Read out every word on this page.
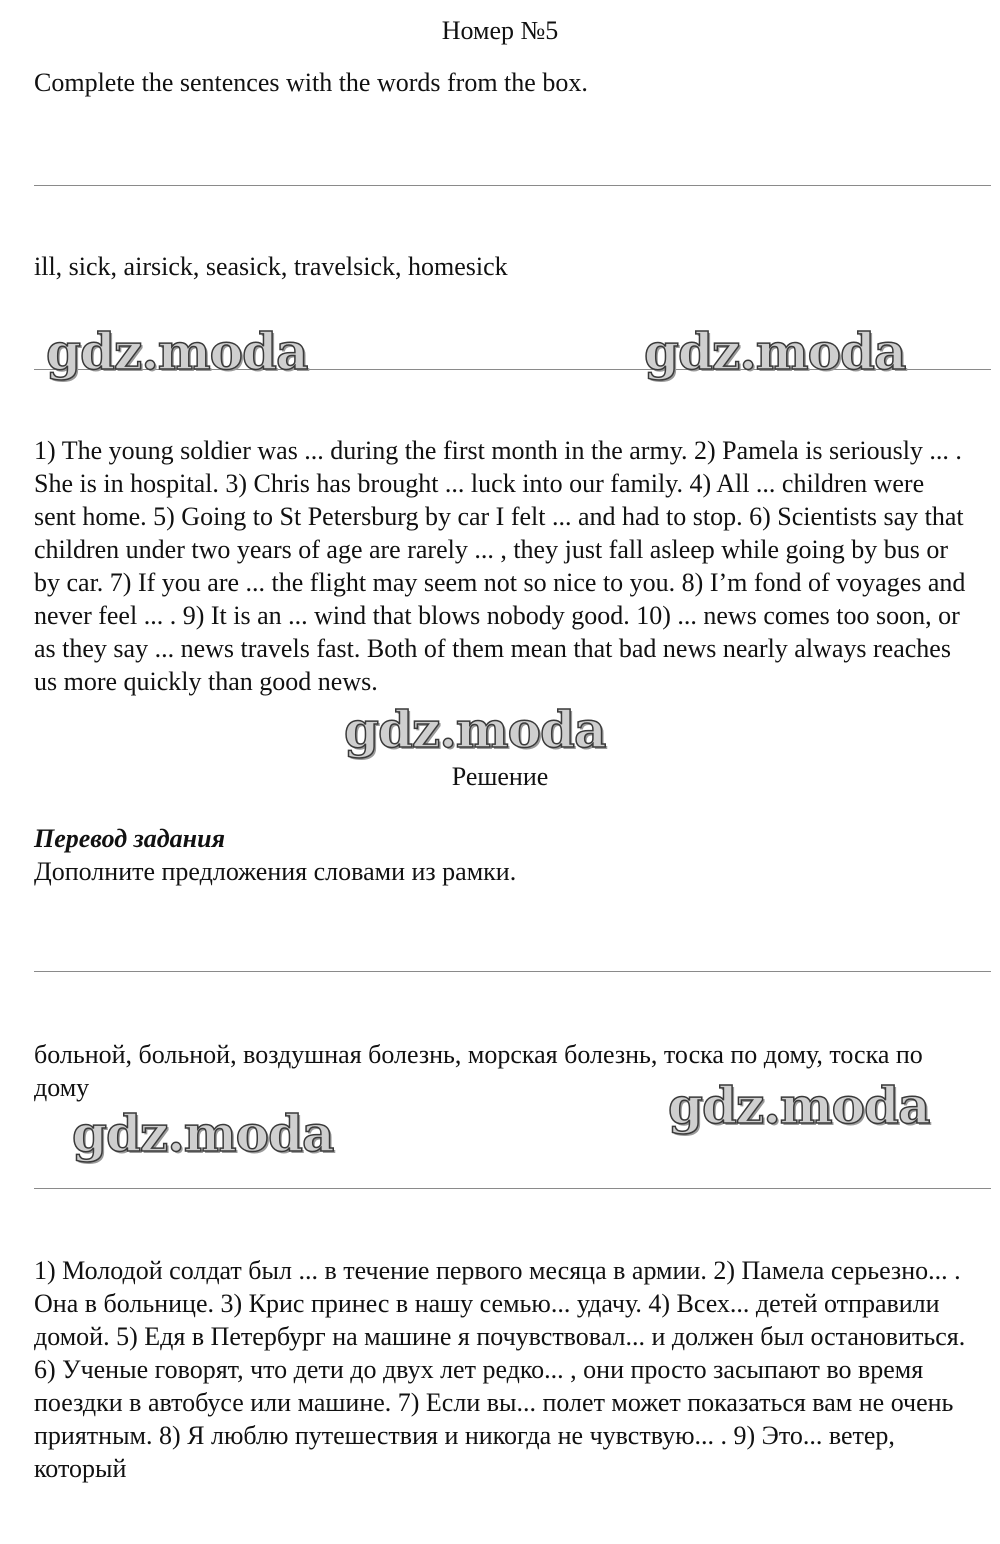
Номер №5
Complete the sentences with the words from the box.
ill, sick, airsick, seasick, travelsick, homesick
1) The young soldier was ... during the first month in the army. 2) Pamela is seriously ... . She is in hospital. 3) Chris has brought ... luck into our family. 4) All ... children were sent home. 5) Going to St Petersburg by car I felt ... and had to stop. 6) Scientists say that children under two years of age are rarely ... , they just fall asleep while going by bus or by car. 7) If you are ... the flight may seem not so nice to you. 8) I’m fond of voyages and never feel ... . 9) It is an ... wind that blows nobody good. 10) ... news comes too soon, or as they say ... news travels fast. Both of them mean that bad news nearly always reaches us more quickly than good news.
Решение
Перевод задания
Дополните предложения словами из рамки.
больной, больной, воздушная болезнь, морская болезнь, тоска по дому, тоска по дому
1) Молодой солдат был ... в течение первого месяца в армии. 2) Памела серьезно... . Она в больнице. 3) Крис принес в нашу семью... удачу. 4) Всех... детей отправили домой. 5) Едя в Петербург на машине я почувствовал... и должен был остановиться. 6) Ученые говорят, что дети до двух лет редко... , они просто засыпают во время поездки в автобусе или машине. 7) Если вы... полет может показаться вам не очень приятным. 8) Я люблю путешествия и никогда не чувствую... . 9) Это... ветер, который
gdz.moda	gdz.moda
gdz.moda
gdz.moda
gdz.moda
